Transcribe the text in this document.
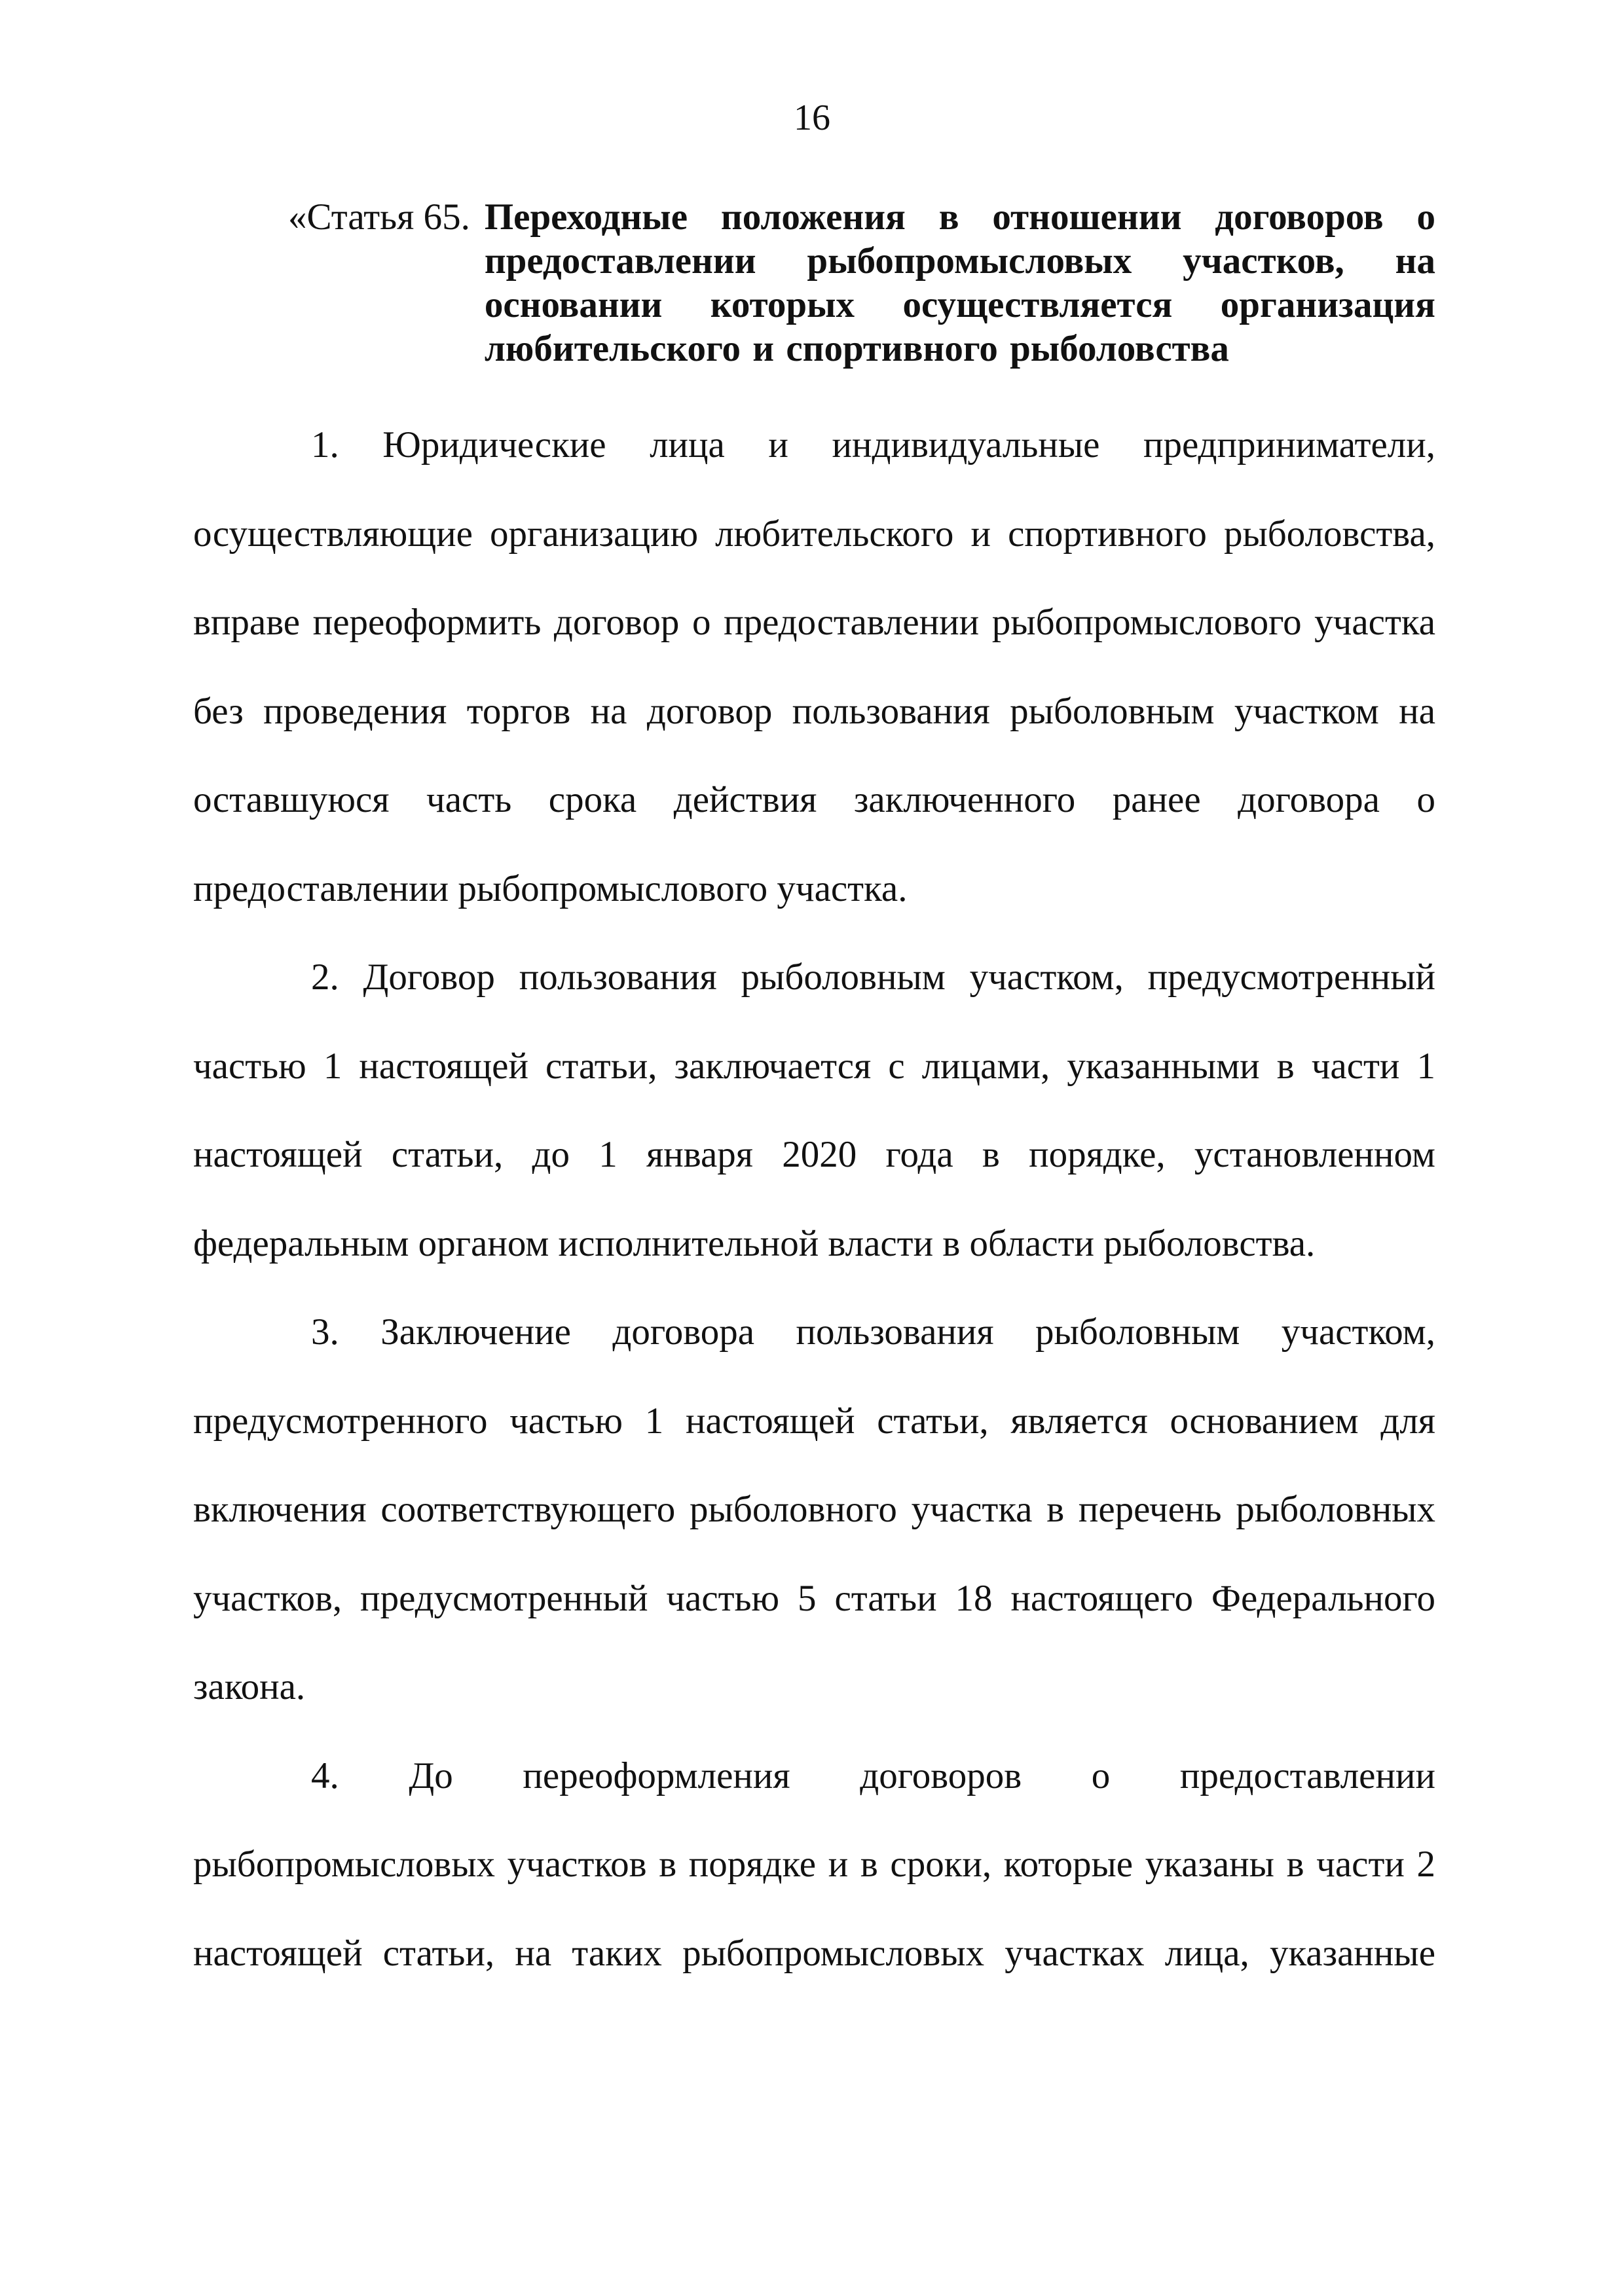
16
«Статья 65. Переходные положения в отношении договоров о
предоставлении рыбопромысловых участков, на
основании которых осуществляется организация
любительского и спортивного рыболовства

1. Юридические лица и индивидуальные предприниматели, осуществляющие организацию любительского и спортивного рыболовства, вправе переоформить договор о предоставлении рыбопромыслового участка без проведения торгов на договор пользования рыболовным участком на оставшуюся часть срока действия заключенного ранее договора о предоставлении рыбопромыслового участка.

2. Договор пользования рыболовным участком, предусмотренный частью 1 настоящей статьи, заключается с лицами, указанными в части 1 настоящей статьи, до 1 января 2020 года в порядке, установленном федеральным органом исполнительной власти в области рыболовства.

3. Заключение договора пользования рыболовным участком, предусмотренного частью 1 настоящей статьи, является основанием для включения соответствующего рыболовного участка в перечень рыболовных участков, предусмотренный частью 5 статьи 18 настоящего Федерального закона.

4. До переоформления договоров о предоставлении рыбопромысловых участков в порядке и в сроки, которые указаны в части 2 настоящей статьи, на таких рыбопромысловых участках лица, указанные
